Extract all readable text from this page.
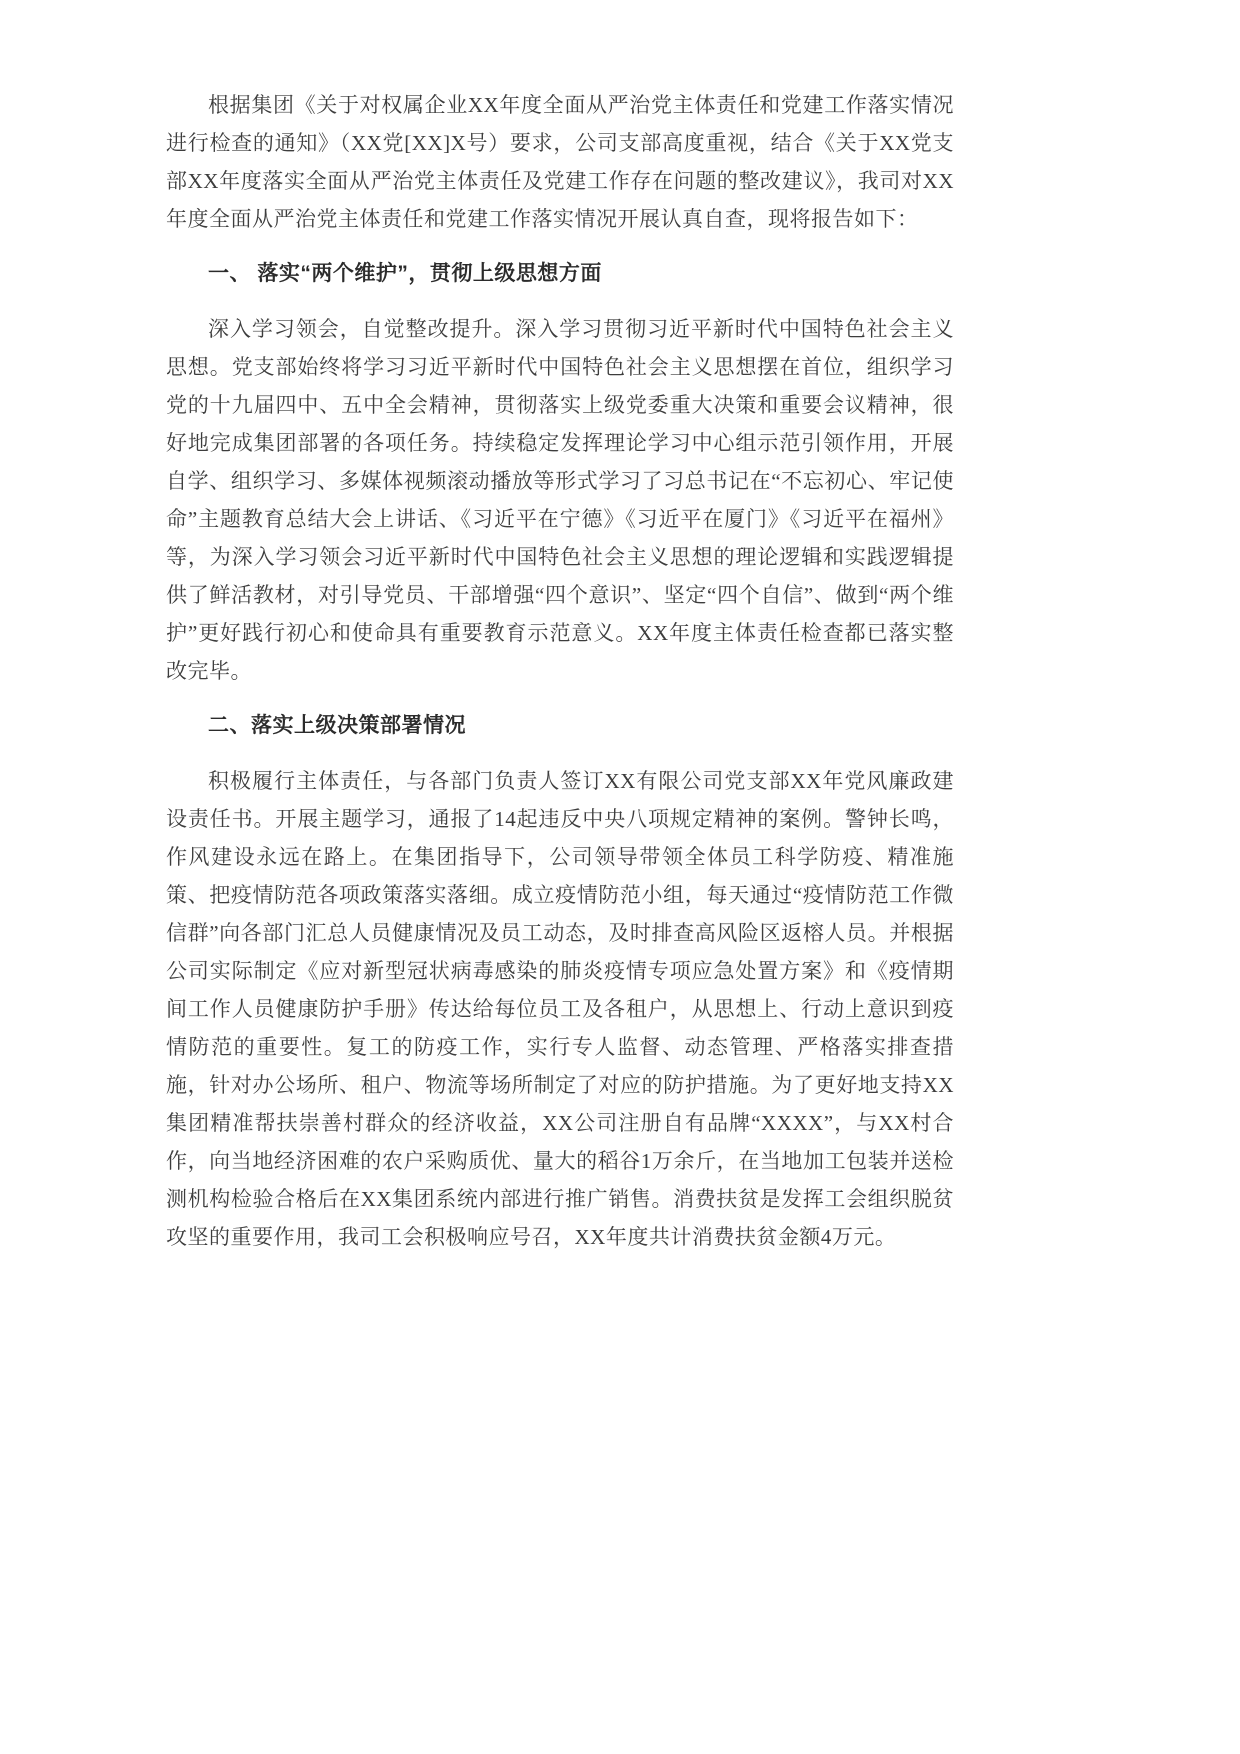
根据集团《关于对权属企业XX年度全面从严治党主体责任和党建工作落实情况进行检查的通知》（XX党[XX]X号）要求，公司支部高度重视，结合《关于XX党支部XX年度落实全面从严治党主体责任及党建工作存在问题的整改建议》，我司对XX年度全面从严治党主体责任和党建工作落实情况开展认真自查，现将报告如下：

一、 落实“两个维护”，贯彻上级思想方面

深入学习领会，自觉整改提升。深入学习贯彻习近平新时代中国特色社会主义思想。党支部始终将学习习近平新时代中国特色社会主义思想摆在首位，组织学习党的十九届四中、五中全会精神，贯彻落实上级党委重大决策和重要会议精神，很好地完成集团部署的各项任务。持续稳定发挥理论学习中心组示范引领作用，开展自学、组织学习、多媒体视频滚动播放等形式学习了习总书记在“不忘初心、牢记使命”主题教育总结大会上讲话、《习近平在宁德》《习近平在厦门》《习近平在福州》等，为深入学习领会习近平新时代中国特色社会主义思想的理论逻辑和实践逻辑提供了鲜活教材，对引导党员、干部增强“四个意识”、坚定“四个自信”、做到“两个维护”更好践行初心和使命具有重要教育示范意义。XX年度主体责任检查都已落实整改完毕。

二、落实上级决策部署情况

积极履行主体责任，与各部门负责人签订XX有限公司党支部XX年党风廉政建设责任书。开展主题学习，通报了14起违反中央八项规定精神的案例。警钟长鸣，作风建设永远在路上。在集团指导下，公司领导带领全体员工科学防疫、精准施策、把疫情防范各项政策落实落细。成立疫情防范小组，每天通过“疫情防范工作微信群”向各部门汇总人员健康情况及员工动态，及时排查高风险区返榕人员。并根据公司实际制定《应对新型冠状病毒感染的肺炎疫情专项应急处置方案》和《疫情期间工作人员健康防护手册》传达给每位员工及各租户，从思想上、行动上意识到疫情防范的重要性。复工的防疫工作，实行专人监督、动态管理、严格落实排查措施，针对办公场所、租户、物流等场所制定了对应的防护措施。为了更好地支持XX集团精准帮扶崇善村群众的经济收益，XX公司注册自有品牌“XXXX”，与XX村合作，向当地经济困难的农户采购质优、量大的稻谷1万余斤，在当地加工包装并送检测机构检验合格后在XX集团系统内部进行推广销售。消费扶贫是发挥工会组织脱贫攻坚的重要作用，我司工会积极响应号召，XX年度共计消费扶贫金额4万元。
